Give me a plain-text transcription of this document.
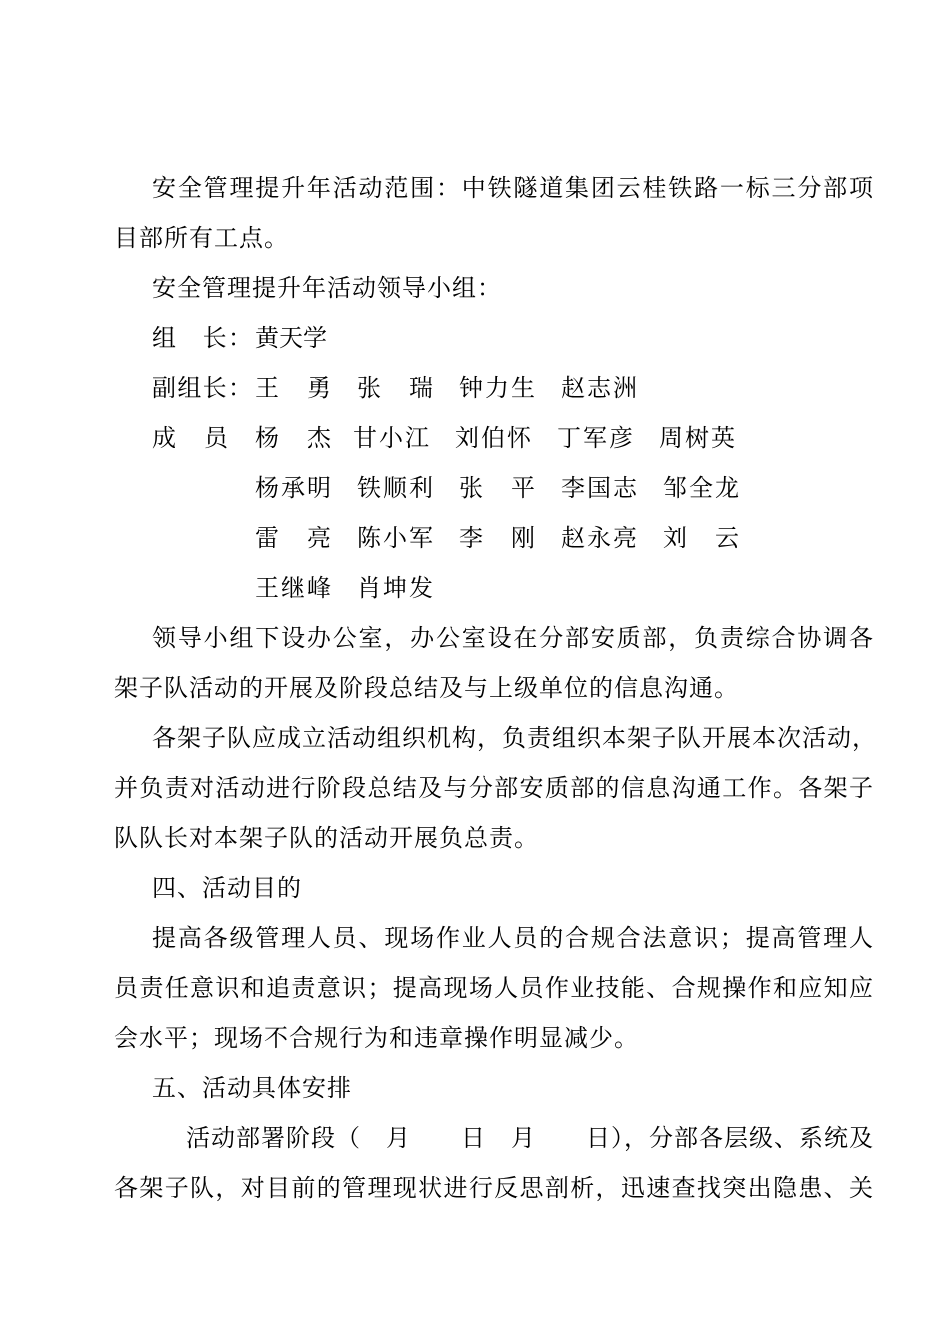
安全管理提升年活动范围：中铁隧道集团云桂铁路一标三分部项
目部所有工点。
安全管理提升年活动领导小组：
组　长： 黄天学
副组长： 王　勇 张　瑞 钟力生 赵志洲
成　员 杨　杰 甘小江 刘伯怀 丁军彦 周树英
杨承明 铁顺利 张　平 李国志 邹全龙
雷　亮 陈小军 李　刚 赵永亮 刘　云
王继峰 肖坤发
领导小组下设办公室，办公室设在分部安质部，负责综合协调各
架子队活动的开展及阶段总结及与上级单位的信息沟通。
各架子队应成立活动组织机构，负责组织本架子队开展本次活动，
并负责对活动进行阶段总结及与分部安质部的信息沟通工作。各架子
队队长对本架子队的活动开展负总责。
四、活动目的
提高各级管理人员、现场作业人员的合规合法意识；提高管理人
员责任意识和追责意识；提高现场人员作业技能、合规操作和应知应
会水平；现场不合规行为和违章操作明显减少。
五、活动具体安排
活动部署阶段（　月　　日　月　　日），分部各层级、系统及
各架子队，对目前的管理现状进行反思剖析，迅速查找突出隐患、关
